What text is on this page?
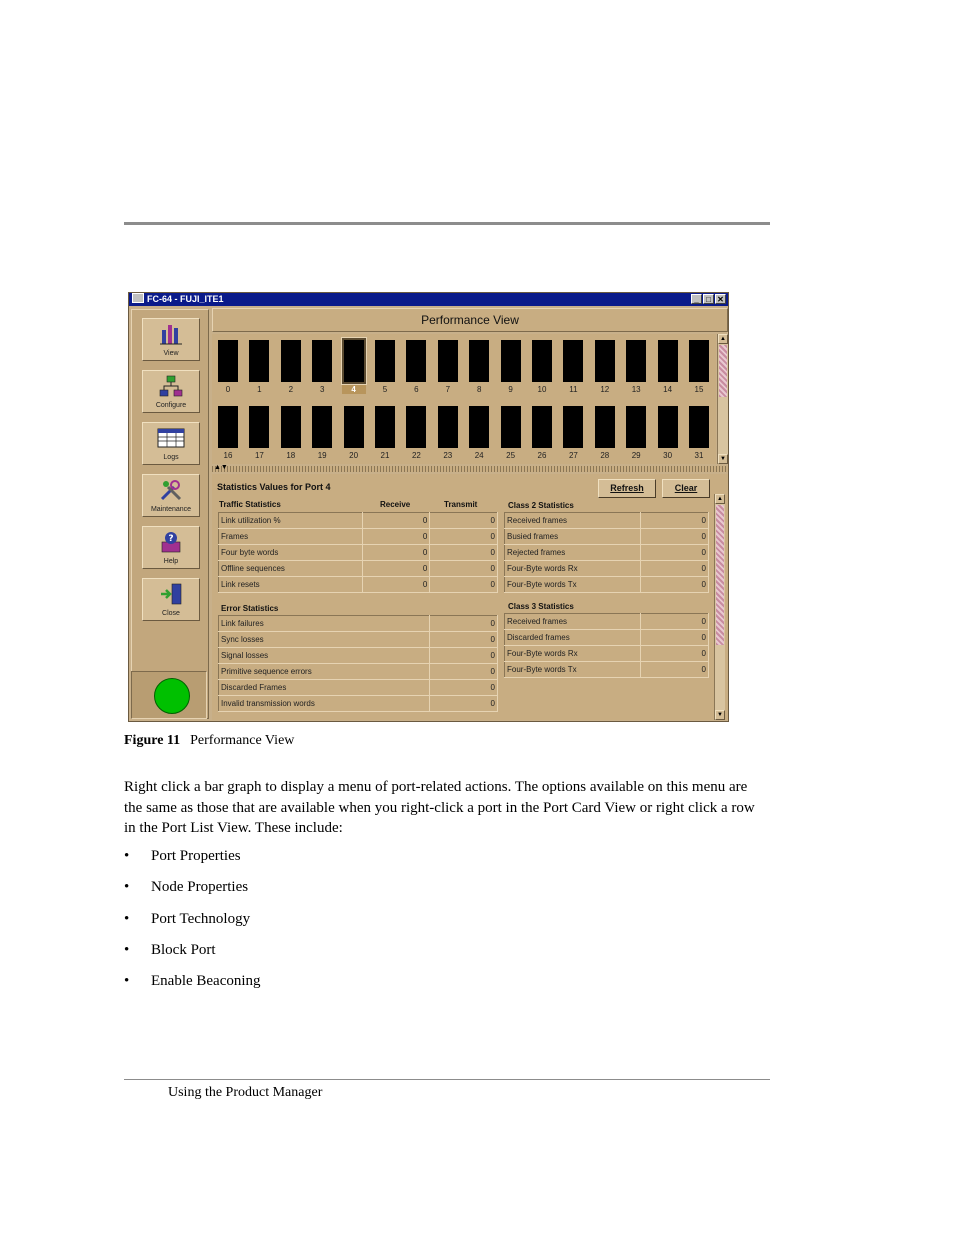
FC-64 - FUJI_ITE1	_ □ ✕
View
Configure
Logs
Maintenance
?
Help
Close
Performance View
0	1	2	3	4	5	6	7	8	9	10	11	12	13	14	15
16	17	18	19	20	21	22	23	24	25	26	27	28	29	30	31
▲
▼
▲▼
Statistics Values for Port 4	Refresh	Clear
Traffic Statistics	Receive	Transmit
Link utilization %	0	0
Frames	0	0
Four byte words	0	0
Offline sequences	0	0
Link resets	0	0
Error Statistics
Link failures	0
Sync losses	0
Signal losses	0
Primitive sequence errors	0
Discarded Frames	0
Invalid transmission words	0
Class 2 Statistics
Received frames	0
Busied frames	0
Rejected frames	0
Four-Byte words Rx	0
Four-Byte words Tx	0
Class 3 Statistics
Received frames	0
Discarded frames	0
Four-Byte words Rx	0
Four-Byte words Tx	0
▲
▼
Figure 11 Performance View
Right click a bar graph to display a menu of port-related actions. The options available on this menu are the same as those that are available when you right-click a port in the Port Card View or right click a row in the Port List View. These include:
• Port Properties
• Node Properties
• Port Technology
• Block Port
• Enable Beaconing
Using the Product Manager
